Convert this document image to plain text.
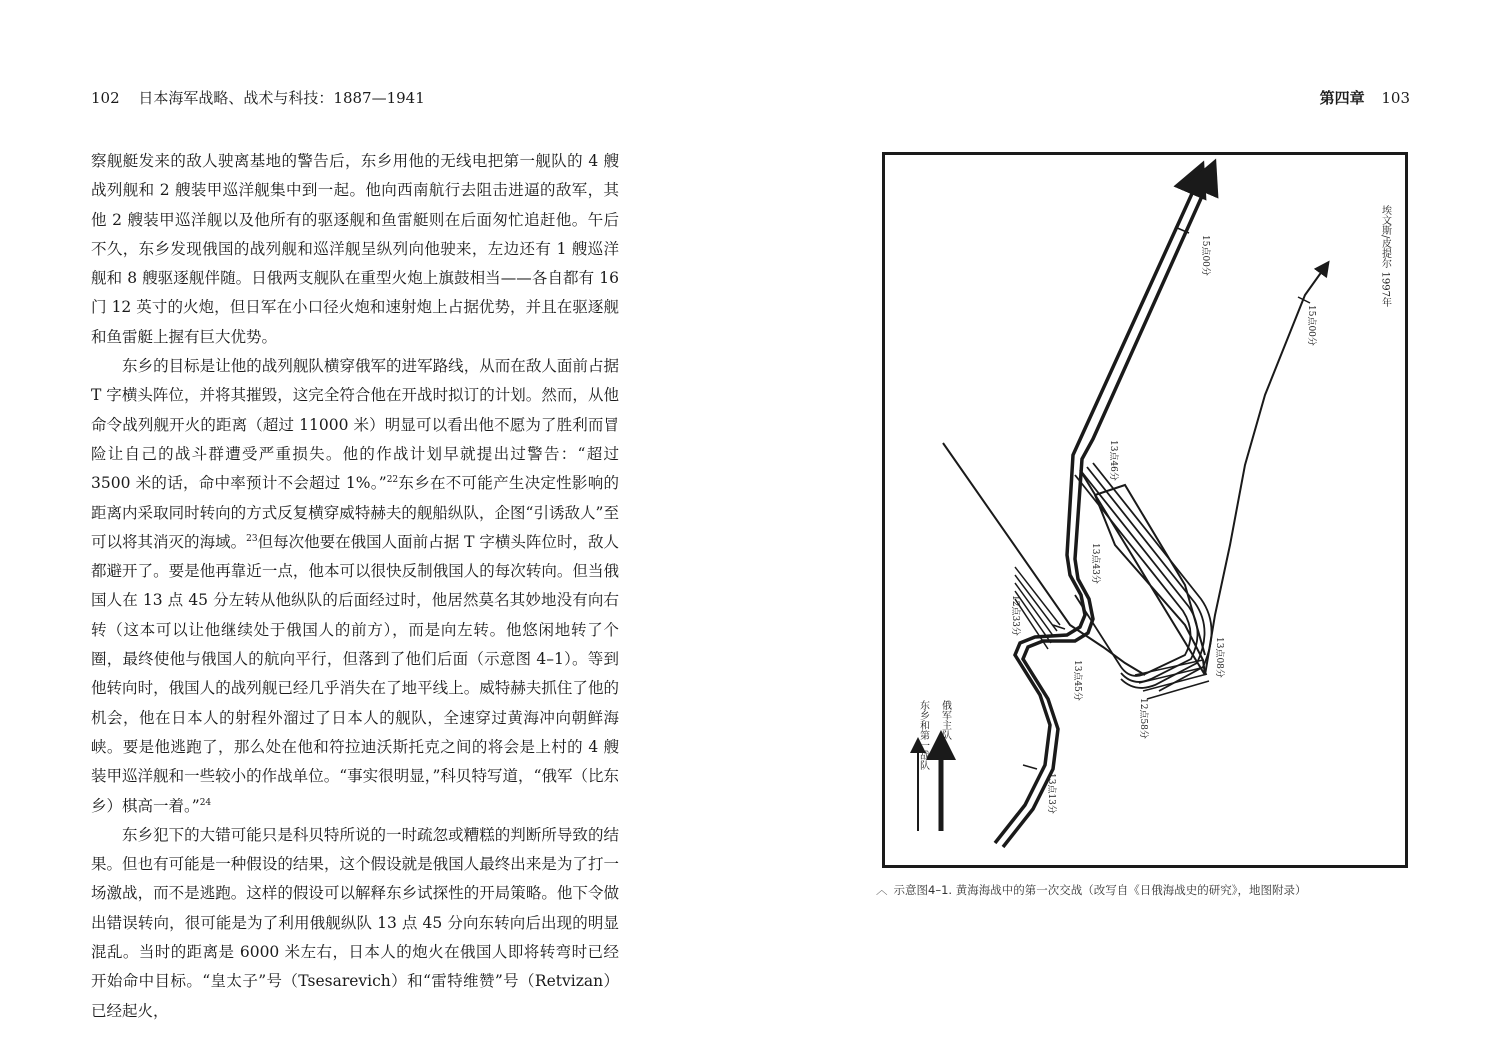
102 日本海军战略、战术与科技：1887—1941

察舰艇发来的敌人驶离基地的警告后，东乡用他的无线电把第一舰队的 4 艘战列舰和 2 艘装甲巡洋舰集中到一起。他向西南航行去阻击进逼的敌军，其他 2 艘装甲巡洋舰以及他所有的驱逐舰和鱼雷艇则在后面匆忙追赶他。午后不久，东乡发现俄国的战列舰和巡洋舰呈纵列向他驶来，左边还有 1 艘巡洋舰和 8 艘驱逐舰伴随。日俄两支舰队在重型火炮上旗鼓相当——各自都有 16 门 12 英寸的火炮，但日军在小口径火炮和速射炮上占据优势，并且在驱逐舰和鱼雷艇上握有巨大优势。

东乡的目标是让他的战列舰队横穿俄军的进军路线，从而在敌人面前占据 T 字横头阵位，并将其摧毁，这完全符合他在开战时拟订的计划。然而，从他命令战列舰开火的距离（超过 11000 米）明显可以看出他不愿为了胜利而冒险让自己的战斗群遭受严重损失。他的作战计划早就提出过警告：“超过 3500 米的话，命中率预计不会超过 1%。”$^{22}$东乡在不可能产生决定性影响的距离内采取同时转向的方式反复横穿威特赫夫的舰船纵队，企图“引诱敌人”至可以将其消灭的海域。$^{23}$但每次他要在俄国人面前占据 T 字横头阵位时，敌人都避开了。要是他再靠近一点，他本可以很快反制俄国人的每次转向。但当俄国人在 13 点 45 分左转从他纵队的后面经过时，他居然莫名其妙地没有向右转（这本可以让他继续处于俄国人的前方），而是向左转。他悠闲地转了个圈，最终使他与俄国人的航向平行，但落到了他们后面（示意图 4–1）。等到他转向时，俄国人的战列舰已经几乎消失在了地平线上。威特赫夫抓住了他的机会，他在日本人的射程外溜过了日本人的舰队，全速穿过黄海冲向朝鲜海峡。要是他逃跑了，那么处在他和符拉迪沃斯托克之间的将会是上村的 4 艘装甲巡洋舰和一些较小的作战单位。“事实很明显，”科贝特写道，“俄军（比东乡）棋高一着。”$^{24}$

东乡犯下的大错可能只是科贝特所说的一时疏忽或糟糕的判断所导致的结果。但也有可能是一种假设的结果，这个假设就是俄国人最终出来是为了打一场激战，而不是逃跑。这样的假设可以解释东乡试探性的开局策略。他下令做出错误转向，很可能是为了利用俄舰纵队 13 点 45 分向东转向后出现的明显混乱。当时的距离是 6000 米左右，日本人的炮火在俄国人即将转弯时已经开始命中目标。“皇太子”号（Tsesarevich）和“雷特维赞”号（Retvizan）已经起火，

第四章 103
东乡和第一战队 俄军主队
埃文斯/皮提尔 1997年
15点00分
15点00分
13点46分
13点43分
12点33分
13点45分
12点58分
13点08分
13点13分
︿ 示意图4–1. 黄海海战中的第一次交战（改写自《日俄海战史的研究》，地图附录）
